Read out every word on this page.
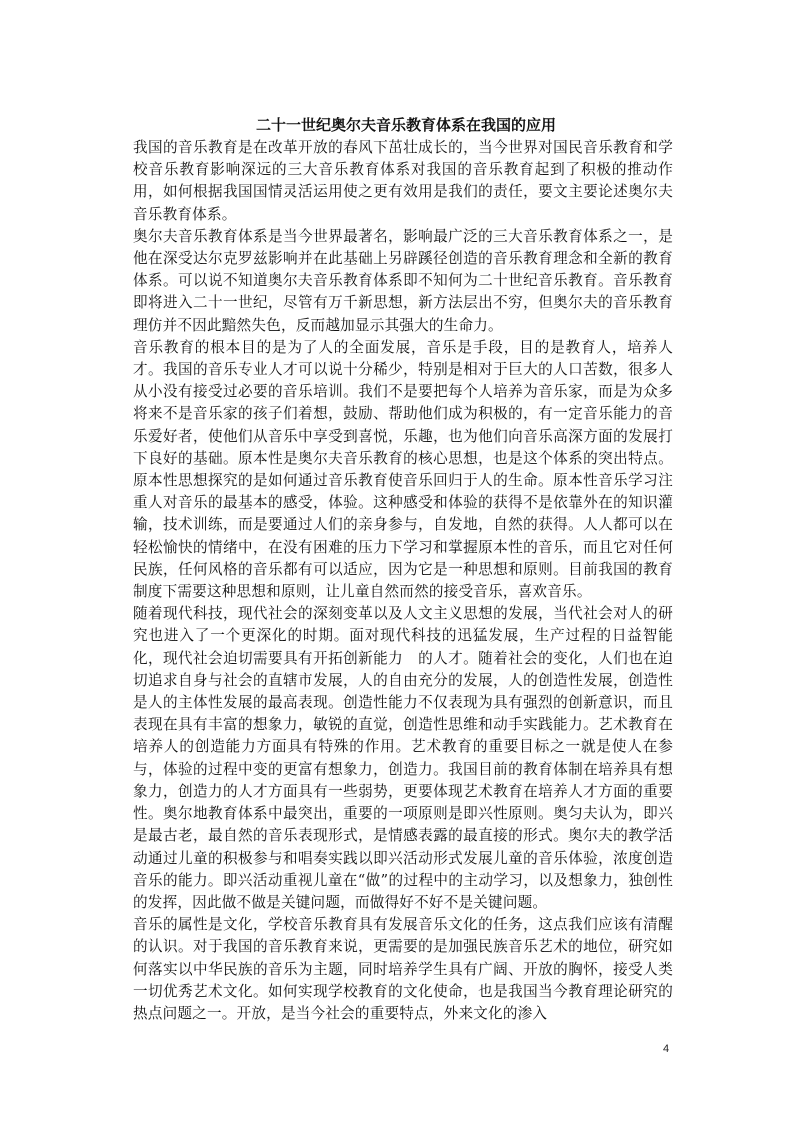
二十一世纪奥尔夫音乐教育体系在我国的应用

我国的音乐教育是在改革开放的春风下茁壮成长的，当今世界对国民音乐教育和学校音乐教育影响深远的三大音乐教育体系对我国的音乐教育起到了积极的推动作用，如何根据我国国情灵活运用使之更有效用是我们的责任，要文主要论述奥尔夫音乐教育体系。

奥尔夫音乐教育体系是当今世界最著名，影响最广泛的三大音乐教育体系之一，是他在深受达尔克罗兹影响并在此基础上另辟蹊径创造的音乐教育理念和全新的教育体系。可以说不知道奥尔夫音乐教育体系即不知何为二十世纪音乐教育。音乐教育即将进入二十一世纪，尽管有万千新思想，新方法层出不穷，但奥尔夫的音乐教育理仿并不因此黯然失色，反而越加显示其强大的生命力。

音乐教育的根本目的是为了人的全面发展，音乐是手段，目的是教育人，培养人才。我国的音乐专业人才可以说十分稀少，特别是相对于巨大的人口苦数，很多人从小没有接受过必要的音乐培训。我们不是要把每个人培养为音乐家，而是为众多将来不是音乐家的孩子们着想，鼓励、帮助他们成为积极的，有一定音乐能力的音乐爱好者，使他们从音乐中享受到喜悦，乐趣，也为他们向音乐高深方面的发展打下良好的基础。原本性是奥尔夫音乐教育的核心思想，也是这个体系的突出特点。原本性思想探究的是如何通过音乐教育使音乐回归于人的生命。原本性音乐学习注重人对音乐的最基本的感受，体验。这种感受和体验的获得不是依靠外在的知识灌输，技术训练，而是要通过人们的亲身参与，自发地，自然的获得。人人都可以在轻松愉快的情绪中，在没有困难的压力下学习和掌握原本性的音乐，而且它对任何民族，任何风格的音乐都有可以适应，因为它是一种思想和原则。目前我国的教育制度下需要这种思想和原则，让儿童自然而然的接受音乐，喜欢音乐。

随着现代科技，现代社会的深刻变革以及人文主义思想的发展，当代社会对人的研究也进入了一个更深化的时期。面对现代科技的迅猛发展，生产过程的日益智能化，现代社会迫切需要具有开拓创新能力　的人才。随着社会的变化，人们也在迫切追求自身与社会的直辖市发展，人的自由充分的发展，人的创造性发展，创造性是人的主体性发展的最高表现。创造性能力不仅表现为具有强烈的创新意识，而且表现在具有丰富的想象力，敏锐的直觉，创造性思维和动手实践能力。艺术教育在培养人的创造能力方面具有特殊的作用。艺术教育的重要目标之一就是使人在参与，体验的过程中变的更富有想象力，创造力。我国目前的教育体制在培养具有想象力，创造力的人才方面具有一些弱势，更要体现艺术教育在培养人才方面的重要性。奥尔地教育体系中最突出，重要的一项原则是即兴性原则。奥匀夫认为，即兴是最古老，最自然的音乐表现形式，是情感表露的最直接的形式。奥尔夫的教学活动通过儿童的积极参与和唱奏实践以即兴活动形式发展儿童的音乐体验，浓度创造音乐的能力。即兴活动重视儿童在“做”的过程中的主动学习，以及想象力，独创性的发挥，因此做不做是关键问题，而做得好不好不是关键问题。

音乐的属性是文化，学校音乐教育具有发展音乐文化的任务，这点我们应该有清醒的认识。对于我国的音乐教育来说，更需要的是加强民族音乐艺术的地位，研究如何落实以中华民族的音乐为主题，同时培养学生具有广阔、开放的胸怀，接受人类一切优秀艺术文化。如何实现学校教育的文化使命，也是我国当今教育理论研究的热点问题之一。开放，是当今社会的重要特点，外来文化的渗入

4
